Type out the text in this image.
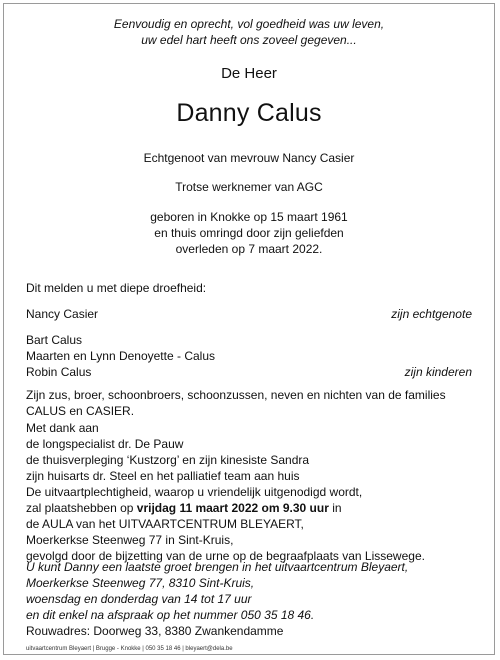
Eenvoudig en oprecht, vol goedheid was uw leven,
uw edel hart heeft ons zoveel gegeven...
De Heer
Danny Calus
Echtgenoot van mevrouw Nancy Casier
Trotse werknemer van AGC
geboren in Knokke op 15 maart 1961
en thuis omringd door zijn geliefden
overleden op 7 maart 2022.
Dit melden u met diepe droefheid:
Nancy Casier	zijn echtgenote
Bart Calus
Maarten en Lynn Denoyette - Calus
Robin Calus	zijn kinderen
Zijn zus, broer, schoonbroers, schoonzussen, neven en nichten van de families
CALUS en CASIER.
Met dank aan
de longspecialist dr. De Pauw
de thuisverpleging ‘Kustzorg’ en zijn kinesiste Sandra
zijn huisarts dr. Steel en het palliatief team aan huis
De uitvaartplechtigheid, waarop u vriendelijk uitgenodigd wordt,
zal plaatshebben op vrijdag 11 maart 2022 om 9.30 uur in
de AULA van het UITVAARTCENTRUM BLEYAERT,
Moerkerkse Steenweg 77 in Sint-Kruis,
gevolgd door de bijzetting van de urne op de begraafplaats van Lissewege.
U kunt Danny een laatste groet brengen in het uitvaartcentrum Bleyaert,
Moerkerkse Steenweg 77, 8310 Sint-Kruis,
woensdag en donderdag van 14 tot 17 uur
en dit enkel na afspraak op het nummer 050 35 18 46.
Rouwadres: Doorweg 33, 8380 Zwankendamme
uitvaartcentrum Bleyaert | Brugge - Knokke | 050 35 18 46 | bleyaert@dela.be
